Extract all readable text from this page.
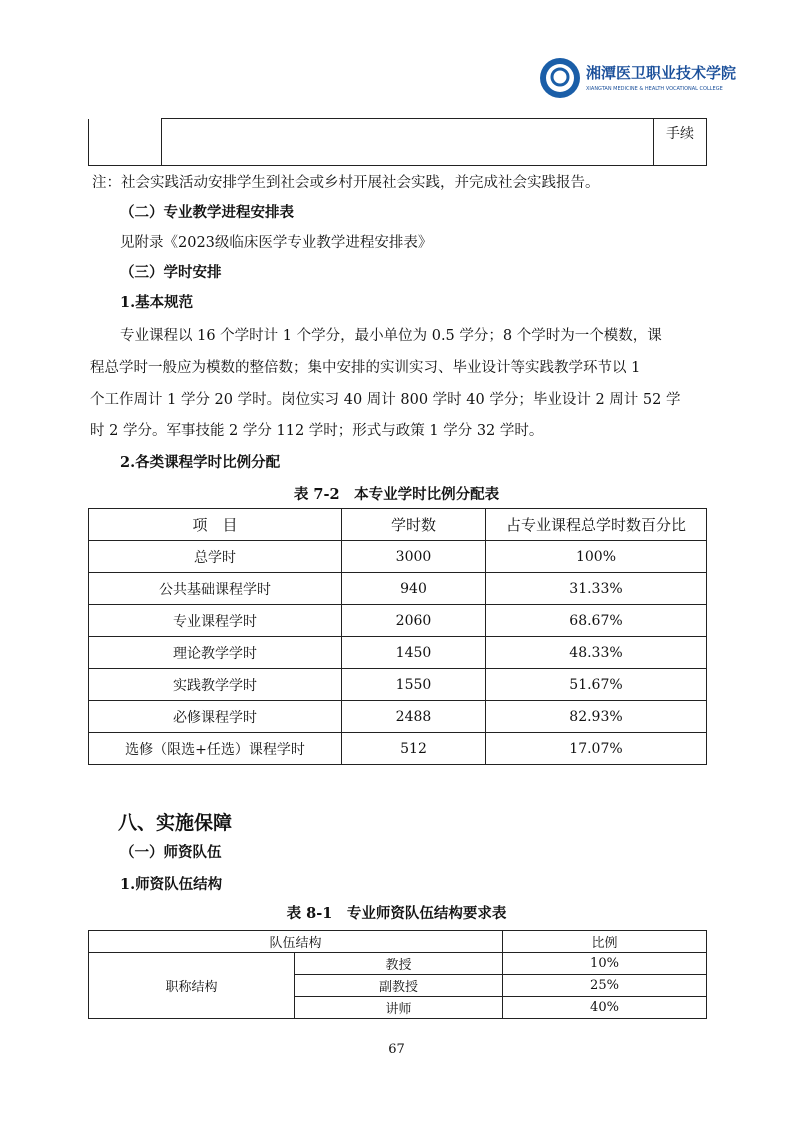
湘潭医卫职业技术学院
XIANGTAN MEDICINE & HEALTH VOCATIONAL COLLEGE
		手续
注：社会实践活动安排学生到社会或乡村开展社会实践，并完成社会实践报告。
（二）专业教学进程安排表
见附录《2023级临床医学专业教学进程安排表》
（三）学时安排
1.基本规范
专业课程以 16 个学时计 1 个学分，最小单位为 0.5 学分；8 个学时为一个模数，课
程总学时一般应为模数的整倍数；集中安排的实训实习、毕业设计等实践教学环节以 1
个工作周计 1 学分 20 学时。岗位实习 40 周计 800 学时 40 学分；毕业设计 2 周计 52 学
时 2 学分。军事技能 2 学分 112 学时；形式与政策 1 学分 32 学时。
2.各类课程学时比例分配
表 7-2　本专业学时比例分配表
项　目	学时数	占专业课程总学时数百分比
总学时	3000	100%
公共基础课程学时	940	31.33%
专业课程学时	2060	68.67%
理论教学学时	1450	48.33%
实践教学学时	1550	51.67%
必修课程学时	2488	82.93%
选修（限选+任选）课程学时	512	17.07%
八、实施保障
（一）师资队伍
1.师资队伍结构
表 8-1　专业师资队伍结构要求表
队伍结构		比例
职称结构	教授	10%
	副教授	25%
	讲师	40%
67
